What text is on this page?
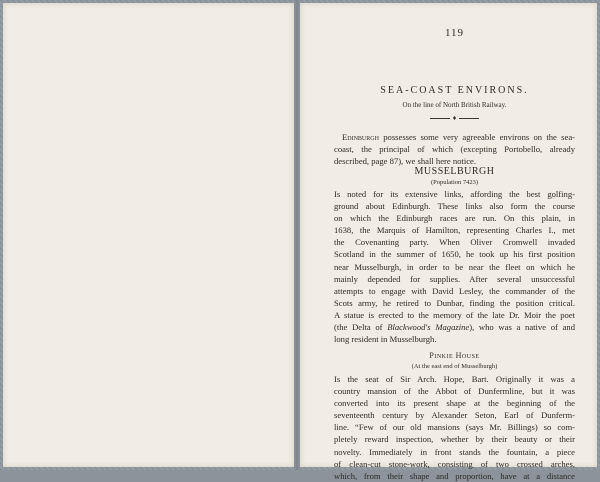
119
SEA-COAST ENVIRONS.
On the line of North British Railway.
♦
Edinburgh possesses some very agreeable environs on the sea-
coast, the principal of which (excepting Portobello, already
described, page 87), we shall here notice.
MUSSELBURGH
(Population 7423)
Is noted for its extensive links, affording the best golfing-
ground about Edinburgh. These links also form the course
on which the Edinburgh races are run. On this plain, in
1638, the Marquis of Hamilton, representing Charles I., met
the Covenanting party. When Oliver Cromwell invaded
Scotland in the summer of 1650, he took up his first position
near Musselburgh, in order to be near the fleet on which he
mainly depended for supplies. After several unsuccessful
attempts to engage with David Lesley, the commander of the
Scots army, he retired to Dunbar, finding the position critical.
A statue is erected to the memory of the late Dr. Moir the poet
(the Delta of Blackwood's Magazine), who was a native of and
long resident in Musselburgh.
Pinkie House
(At the east end of Musselburgh)
Is the seat of Sir Arch. Hope, Bart. Originally it was a
country mansion of the Abbot of Dunfermline, but it was
converted into its present shape at the beginning of the
seventeenth century by Alexander Seton, Earl of Dunferm-
line. “Few of our old mansions (says Mr. Billings) so com-
pletely reward inspection, whether by their beauty or their
novelty. Immediately in front stands the fountain, a piece
of clean-cut stone-work, consisting of two crossed arches,
which, from their shape and proportion, have at a distance
